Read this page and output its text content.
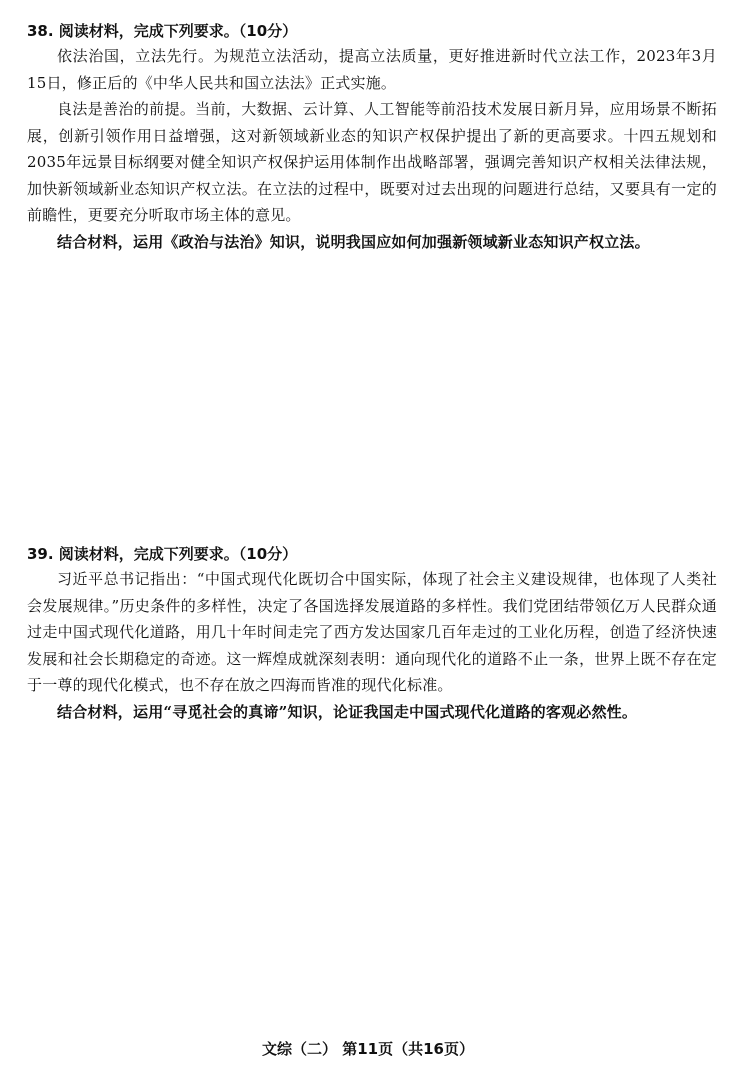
38. 阅读材料，完成下列要求。（10分）

依法治国，立法先行。为规范立法活动，提高立法质量，更好推进新时代立法工作，2023年3月15日，修正后的《中华人民共和国立法法》正式实施。

良法是善治的前提。当前，大数据、云计算、人工智能等前沿技术发展日新月异，应用场景不断拓展，创新引领作用日益增强，这对新领域新业态的知识产权保护提出了新的更高要求。十四五规划和2035年远景目标纲要对健全知识产权保护运用体制作出战略部署，强调完善知识产权相关法律法规，加快新领域新业态知识产权立法。在立法的过程中，既要对过去出现的问题进行总结，又要具有一定的前瞻性，更要充分听取市场主体的意见。

结合材料，运用《政治与法治》知识，说明我国应如何加强新领域新业态知识产权立法。

39. 阅读材料，完成下列要求。（10分）

习近平总书记指出：“中国式现代化既切合中国实际，体现了社会主义建设规律，也体现了人类社会发展规律。”历史条件的多样性，决定了各国选择发展道路的多样性。我们党团结带领亿万人民群众通过走中国式现代化道路，用几十年时间走完了西方发达国家几百年走过的工业化历程，创造了经济快速发展和社会长期稳定的奇迹。这一辉煌成就深刻表明：通向现代化的道路不止一条，世界上既不存在定于一尊的现代化模式，也不存在放之四海而皆准的现代化标准。

结合材料，运用“寻觅社会的真谛”知识，论证我国走中国式现代化道路的客观必然性。

文综（二） 第11页（共16页）
